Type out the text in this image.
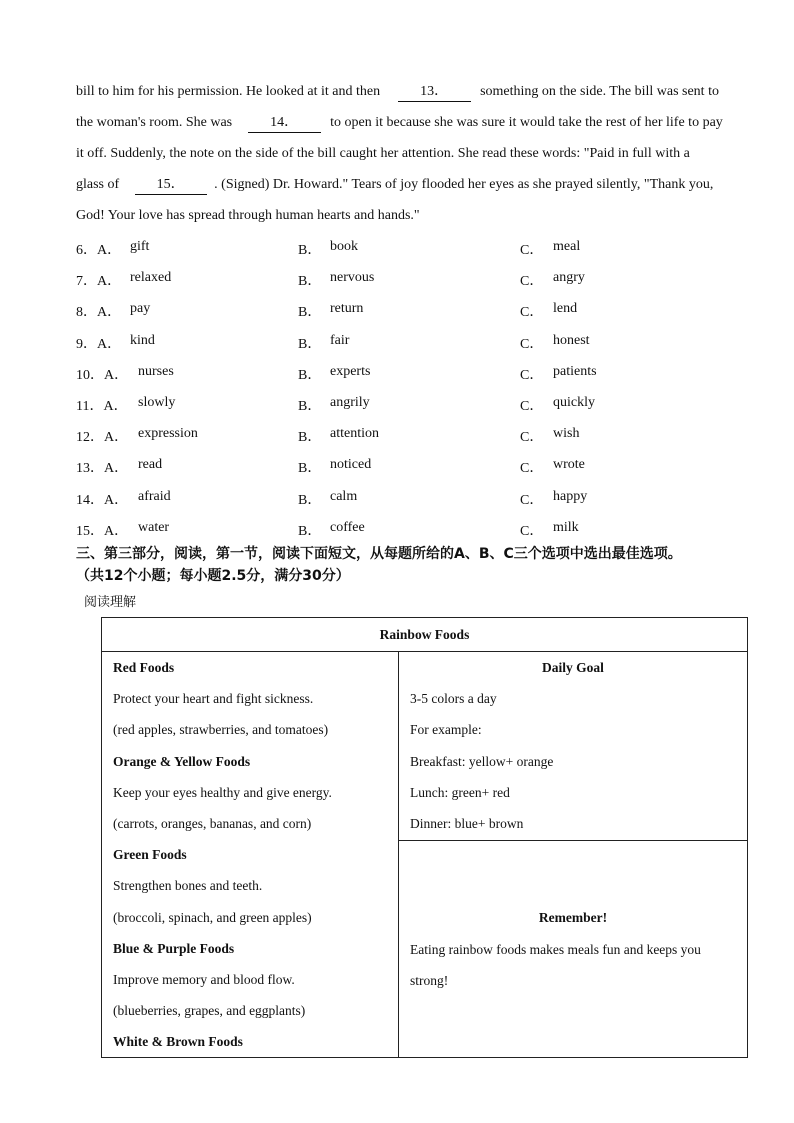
bill to him for his permission. He looked at it and then	13． something on the side. The bill was sent to

the woman's room. She was	14． to open it because she was sure it would take the rest of her life to pay

it off. Suddenly, the note on the side of the bill caught her attention. She read these words: "Paid in full with a

glass of	15． . (Signed) Dr. Howard." Tears of joy flooded her eyes as she prayed silently, "Thank you,

God! Your love has spread through human hearts and hands."

6．A． gift	B． book	C． meal
7．A． relaxed	B． nervous	C． angry
8．A． pay	B． return	C． lend
9．A． kind	B． fair	C． honest
10．A． nurses	B． experts	C． patients
11．A． slowly	B． angrily	C． quickly
12．A． expression	B． attention	C． wish
13．A． read	B． noticed	C． wrote
14．A． afraid	B． calm	C． happy
15．A． water	B． coffee	C． milk
三、第三部分，阅读，第一节，阅读下面短文，从每题所给的A、B、C三个选项中选出最佳选项。
（共12个小题；每小题2.5分，满分30分）
阅读理解
Rainbow Foods

Red Foods
Protect your heart and fight sickness.
(red apples, strawberries, and tomatoes)
Orange & Yellow Foods
Keep your eyes healthy and give energy.
(carrots, oranges, bananas, and corn)
Green Foods
Strengthen bones and teeth.
(broccoli, spinach, and green apples)
Blue & Purple Foods
Improve memory and blood flow.
(blueberries, grapes, and eggplants)
White & Brown Foods

Daily Goal
3-5 colors a day
For example:
Breakfast: yellow+ orange
Lunch: green+ red
Dinner: blue+ brown

Remember!
Eating rainbow foods makes meals fun and keeps you
strong!
